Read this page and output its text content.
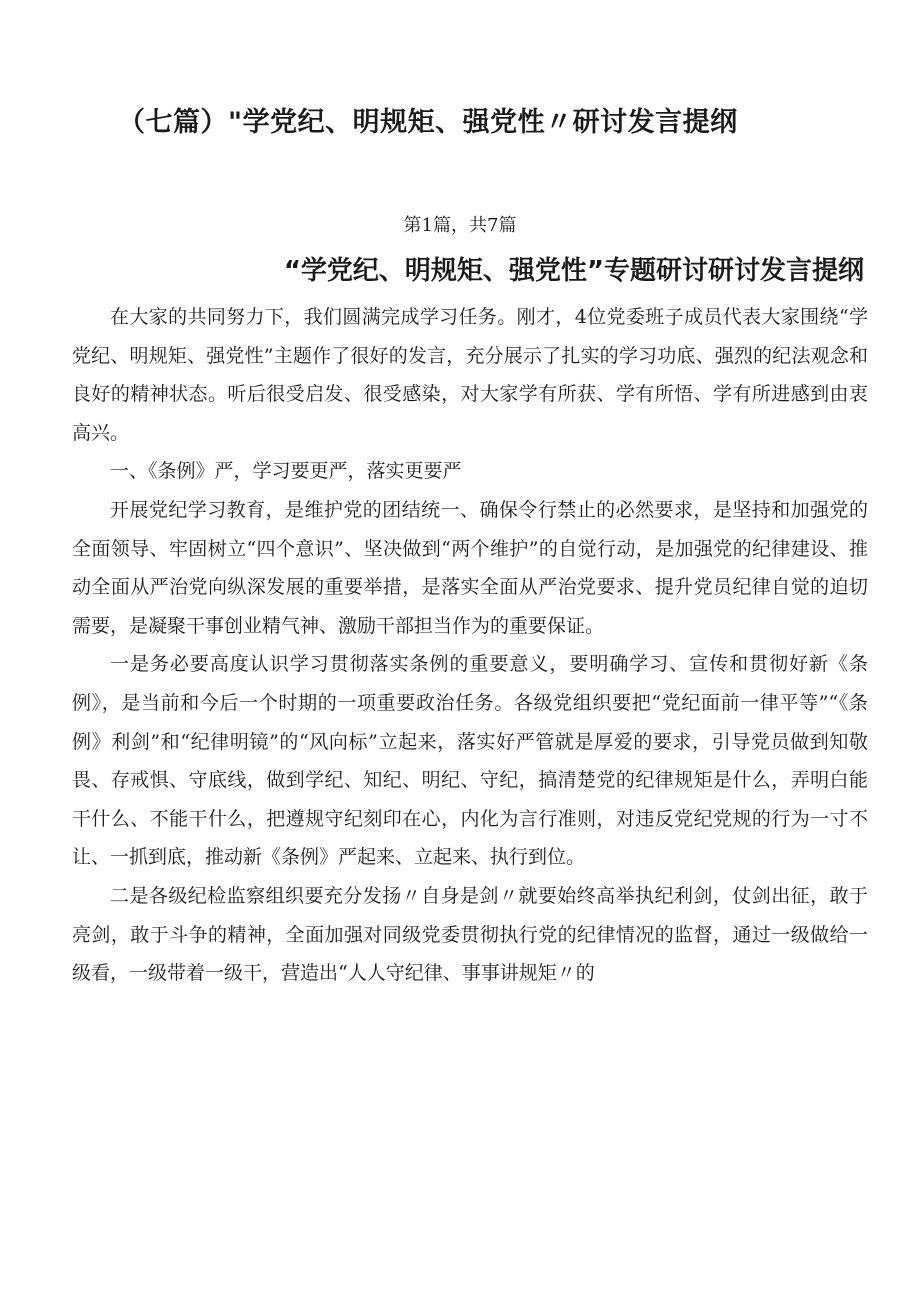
（七篇）"学党纪、明规矩、强党性〃研讨发言提纲
第1篇，共7篇
“学党纪、明规矩、强党性”专题研讨研讨发言提纲

在大家的共同努力下，我们圆满完成学习任务。刚才，4位党委班子成员代表大家围绕“学党纪、明规矩、强党性”主题作了很好的发言，充分展示了扎实的学习功底、强烈的纪法观念和良好的精神状态。听后很受启发、很受感染，对大家学有所获、学有所悟、学有所进感到由衷高兴。

一、《条例》严，学习要更严，落实更要严

开展党纪学习教育，是维护党的团结统一、确保令行禁止的必然要求，是坚持和加强党的全面领导、牢固树立“四个意识”、坚决做到“两个维护”的自觉行动，是加强党的纪律建设、推动全面从严治党向纵深发展的重要举措，是落实全面从严治党要求、提升党员纪律自觉的迫切需要，是凝聚干事创业精气神、激励干部担当作为的重要保证。

一是务必要高度认识学习贯彻落实条例的重要意义，要明确学习、宣传和贯彻好新《条例》，是当前和今后一个时期的一项重要政治任务。各级党组织要把“党纪面前一律平等”“《条例》利剑”和“纪律明镜”的“风向标”立起来，落实好严管就是厚爱的要求，引导党员做到知敬畏、存戒惧、守底线，做到学纪、知纪、明纪、守纪，搞清楚党的纪律规矩是什么，弄明白能干什么、不能干什么，把遵规守纪刻印在心，内化为言行准则，对违反党纪党规的行为一寸不让、一抓到底，推动新《条例》严起来、立起来、执行到位。

二是各级纪检监察组织要充分发扬〃自身是剑〃就要始终高举执纪利剑，仗剑出征，敢于亮剑，敢于斗争的精神，全面加强对同级党委贯彻执行党的纪律情况的监督，通过一级做给一级看，一级带着一级干，营造出“人人守纪律、事事讲规矩〃的
